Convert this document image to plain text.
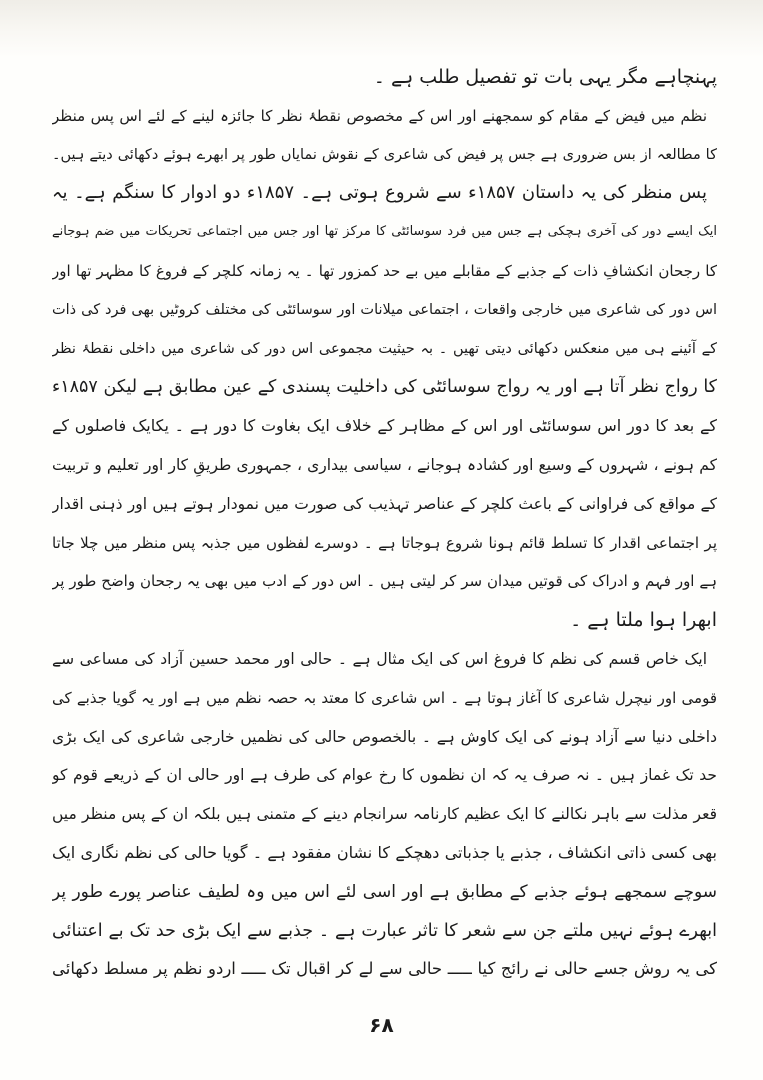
پہنچاہے مگر یہی بات تو تفصیل طلب ہے ۔
نظم میں فیض کے مقام کو سمجھنے اور اس کے مخصوص نقطۂ نظر کا جائزہ لینے کے لئے اس پس منظر
کا مطالعہ از بس ضروری ہے جس پر فیض کی شاعری کے نقوش نمایاں طور پر ابھرے ہوئے دکھائی دیتے ہیں۔
پس منظر کی یہ داستان ۱۸۵۷ء سے شروع ہوتی ہے۔ ۱۸۵۷ء دو ادوار کا سنگم ہے۔ یہ
ایک ایسے دور کی آخری ہچکی ہے جس میں فرد سوسائٹی کا مرکز تھا اور جس میں اجتماعی تحریکات میں ضم ہوجانے
کا رجحان انکشافِ ذات کے جذبے کے مقابلے میں بے حد کمزور تھا ۔ یہ زمانہ کلچر کے فروغ کا مظہر تھا اور
اس دور کی شاعری میں خارجی واقعات ، اجتماعی میلانات اور سوسائٹی کی مختلف کروٹیں بھی فرد کی ذات
کے آئینے ہی میں منعکس دکھائی دیتی تھیں ۔ بہ حیثیت مجموعی اس دور کی شاعری میں داخلی نقطۂ نظر
کا رواج نظر آتا ہے اور یہ رواج سوسائٹی کی داخلیت پسندی کے عین مطابق ہے لیکن ۱۸۵۷ء
کے بعد کا دور اس سوسائٹی اور اس کے مظاہر کے خلاف ایک بغاوت کا دور ہے ۔ یکایک فاصلوں کے
کم ہونے ، شہروں کے وسیع اور کشادہ ہوجانے ، سیاسی بیداری ، جمہوری طریقِ کار اور تعلیم و تربیت
کے مواقع کی فراوانی کے باعث کلچر کے عناصر تہذیب کی صورت میں نمودار ہوتے ہیں اور ذہنی اقدار
پر اجتماعی اقدار کا تسلط قائم ہونا شروع ہوجاتا ہے ۔ دوسرے لفظوں میں جذبہ پس منظر میں چلا جاتا
ہے اور فہم و ادراک کی قوتیں میدان سر کر لیتی ہیں ۔ اس دور کے ادب میں بھی یہ رجحان واضح طور پر
ابھرا ہوا ملتا ہے ۔
ایک خاص قسم کی نظم کا فروغ اس کی ایک مثال ہے ۔ حالی اور محمد حسین آزاد کی مساعی سے
قومی اور نیچرل شاعری کا آغاز ہوتا ہے ۔ اس شاعری کا معتد بہ حصہ نظم میں ہے اور یہ گویا جذبے کی
داخلی دنیا سے آزاد ہونے کی ایک کاوش ہے ۔ بالخصوص حالی کی نظمیں خارجی شاعری کی ایک بڑی
حد تک غماز ہیں ۔ نہ صرف یہ کہ ان نظموں کا رخ عوام کی طرف ہے اور حالی ان کے ذریعے قوم کو
قعر مذلت سے باہر نکالنے کا ایک عظیم کارنامہ سرانجام دینے کے متمنی ہیں بلکہ ان کے پس منظر میں
بھی کسی ذاتی انکشاف ، جذبے یا جذباتی دھچکے کا نشان مفقود ہے ۔ گویا حالی کی نظم نگاری ایک
سوچے سمجھے ہوئے جذبے کے مطابق ہے اور اسی لئے اس میں وہ لطیف عناصر پورے طور پر
ابھرے ہوئے نہیں ملتے جن سے شعر کا تاثر عبارت ہے ۔ جذبے سے ایک بڑی حد تک بے اعتنائی
کی یہ روش جسے حالی نے رائج کیا ـــــ حالی سے لے کر اقبال تک ـــــ اردو نظم پر مسلط دکھائی
۶۸
